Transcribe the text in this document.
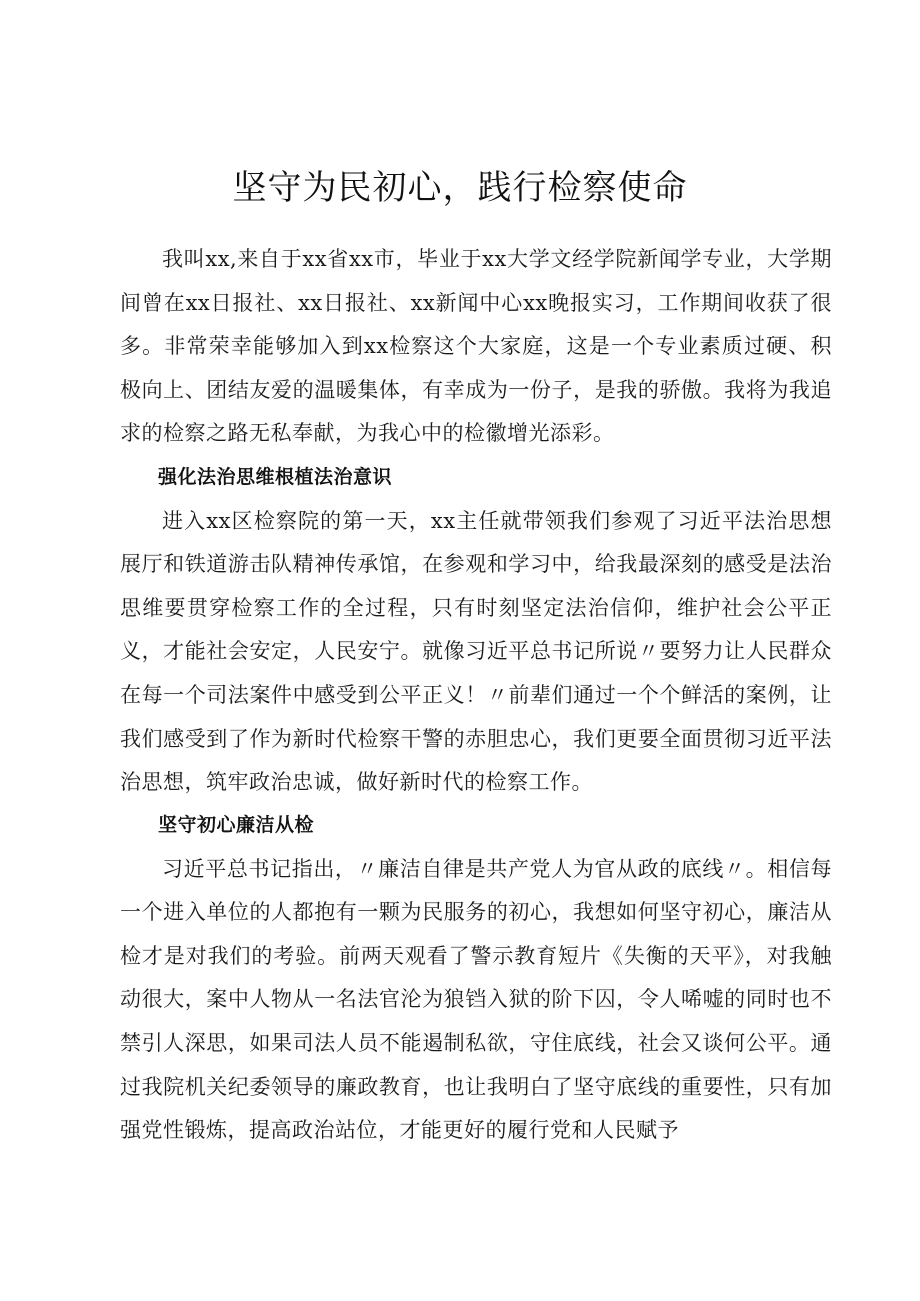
坚守为民初心，践行检察使命

我叫xx,来自于xx省xx市，毕业于xx大学文经学院新闻学专业，大学期间曾在xx日报社、xx日报社、xx新闻中心xx晚报实习，工作期间收获了很多。非常荣幸能够加入到xx检察这个大家庭，这是一个专业素质过硬、积极向上、团结友爱的温暖集体，有幸成为一份子，是我的骄傲。我将为我追求的检察之路无私奉献，为我心中的检徽增光添彩。

强化法治思维根植法治意识

进入xx区检察院的第一天，xx主任就带领我们参观了习近平法治思想展厅和铁道游击队精神传承馆，在参观和学习中，给我最深刻的感受是法治思维要贯穿检察工作的全过程，只有时刻坚定法治信仰，维护社会公平正义，才能社会安定，人民安宁。就像习近平总书记所说〃要努力让人民群众在每一个司法案件中感受到公平正义！〃前辈们通过一个个鲜活的案例，让我们感受到了作为新时代检察干警的赤胆忠心，我们更要全面贯彻习近平法治思想，筑牢政治忠诚，做好新时代的检察工作。

坚守初心廉洁从检

习近平总书记指出，〃廉洁自律是共产党人为官从政的底线〃。相信每一个进入单位的人都抱有一颗为民服务的初心，我想如何坚守初心，廉洁从检才是对我们的考验。前两天观看了警示教育短片《失衡的天平》，对我触动很大，案中人物从一名法官沦为狼铛入狱的阶下囚，令人唏嘘的同时也不禁引人深思，如果司法人员不能遏制私欲，守住底线，社会又谈何公平。通过我院机关纪委领导的廉政教育，也让我明白了坚守底线的重要性，只有加强党性锻炼，提高政治站位，才能更好的履行党和人民赋予
